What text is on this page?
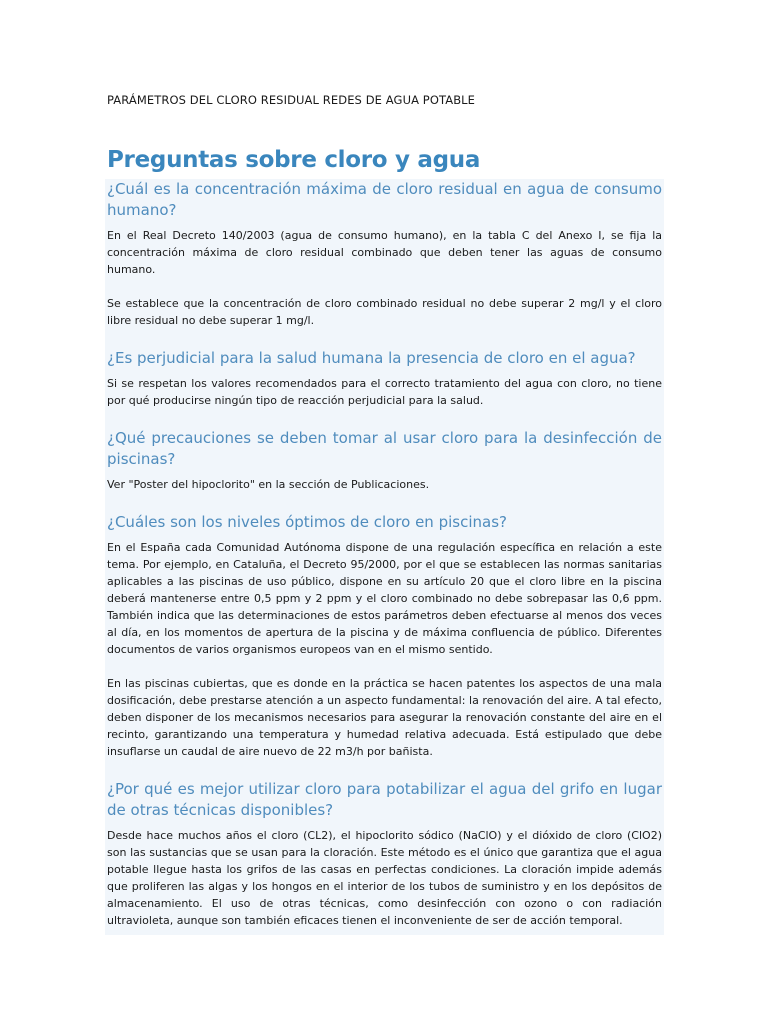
PARÁMETROS DEL CLORO RESIDUAL REDES DE AGUA POTABLE
Preguntas sobre cloro y agua

¿Cuál es la concentración máxima de cloro residual en agua de consumo humano?

En el Real Decreto 140/2003 (agua de consumo humano), en la tabla C del Anexo I, se fija la concentración máxima de cloro residual combinado que deben tener las aguas de consumo humano.

Se establece que la concentración de cloro combinado residual no debe superar 2 mg/l y el cloro libre residual no debe superar 1 mg/l.

¿Es perjudicial para la salud humana la presencia de cloro en el agua?

Si se respetan los valores recomendados para el correcto tratamiento del agua con cloro, no tiene por qué producirse ningún tipo de reacción perjudicial para la salud.

¿Qué precauciones se deben tomar al usar cloro para la desinfección de piscinas?

Ver "Poster del hipoclorito" en la sección de Publicaciones.

¿Cuáles son los niveles óptimos de cloro en piscinas?

En el España cada Comunidad Autónoma dispone de una regulación específica en relación a este tema. Por ejemplo, en Cataluña, el Decreto 95/2000, por el que se establecen las normas sanitarias aplicables a las piscinas de uso público, dispone en su artículo 20 que el cloro libre en la piscina deberá mantenerse entre 0,5 ppm y 2 ppm y el cloro combinado no debe sobrepasar las 0,6 ppm. También indica que las determinaciones de estos parámetros deben efectuarse al menos dos veces al día, en los momentos de apertura de la piscina y de máxima confluencia de público. Diferentes documentos de varios organismos europeos van en el mismo sentido.

En las piscinas cubiertas, que es donde en la práctica se hacen patentes los aspectos de una mala dosificación, debe prestarse atención a un aspecto fundamental: la renovación del aire. A tal efecto, deben disponer de los mecanismos necesarios para asegurar la renovación constante del aire en el recinto, garantizando una temperatura y humedad relativa adecuada. Está estipulado que debe insuflarse un caudal de aire nuevo de 22 m3/h por bañista.

¿Por qué es mejor utilizar cloro para potabilizar el agua del grifo en lugar de otras técnicas disponibles?

Desde hace muchos años el cloro (CL2), el hipoclorito sódico (NaClO) y el dióxido de cloro (ClO2) son las sustancias que se usan para la cloración. Este método es el único que garantiza que el agua potable llegue hasta los grifos de las casas en perfectas condiciones. La cloración impide además que proliferen las algas y los hongos en el interior de los tubos de suministro y en los depósitos de almacenamiento. El uso de otras técnicas, como desinfección con ozono o con radiación ultravioleta, aunque son también eficaces tienen el inconveniente de ser de acción temporal.
